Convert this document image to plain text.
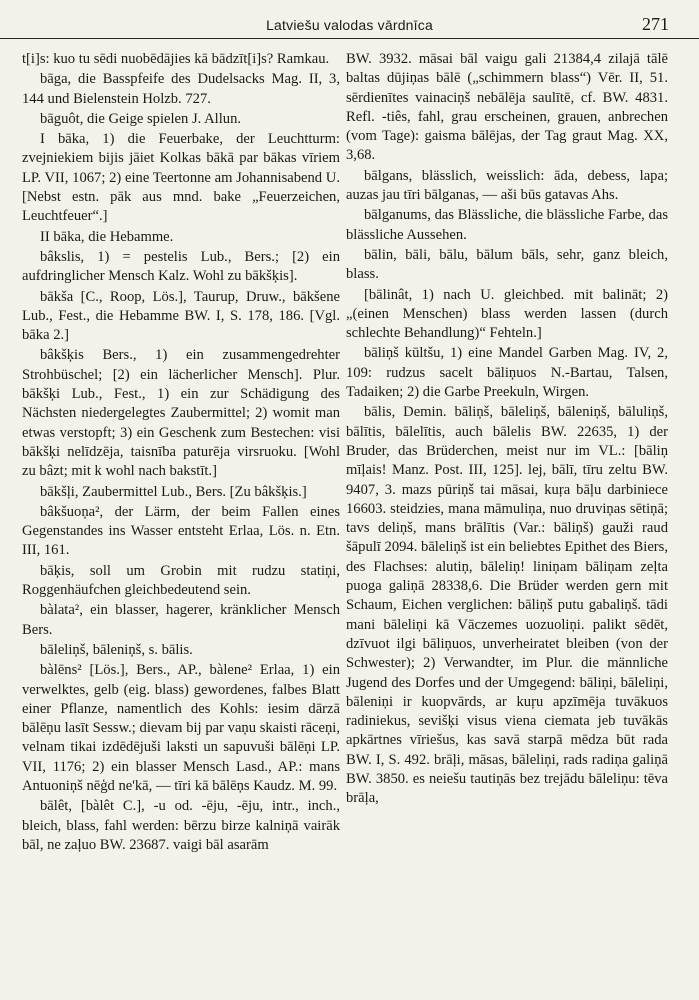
Latviešu valodas vārdnīca	271

t[i]s: kuo tu sēdi nuobēdājies kā bādzīt[i]s? Ramkau.

bāga, die Basspfeife des Dudelsacks Mag. II, 3, 144 und Bielenstein Holzb. 727.

bāguôt, die Geige spielen J. Allun.

I bāka, 1) die Feuerbake, der Leuchtturm: zvejniekiem bijis jāiet Kolkas bākā par bākas vīriem LP. VII, 1067; 2) eine Teertonne am Johannisabend U. [Nebst estn. pāk aus mnd. bake „Feuerzeichen, Leuchtfeuer“.]

II bāka, die Hebamme.

bâkslis, 1) = pestelis Lub., Bers.; [2) ein aufdringlicher Mensch Kalz. Wohl zu bākšķis].

bākša [C., Roop, Lös.], Taurup, Druw., bākšene Lub., Fest., die Hebamme BW. I, S. 178, 186. [Vgl. bāka 2.]

bâkšķis Bers., 1) ein zusammengedrehter Strohbüschel; [2) ein lächerlicher Mensch]. Plur. bākšķi Lub., Fest., 1) ein zur Schädigung des Nächsten niedergelegtes Zaubermittel; 2) womit man etwas verstopft; 3) ein Geschenk zum Bestechen: visi bākšķi nelīdzēja, taisnība paturēja virsruoku. [Wohl zu bâzt; mit k wohl nach bakstīt.]

bākšļi, Zaubermittel Lub., Bers. [Zu bâkšķis.]

bâkšuoņa², der Lärm, der beim Fallen eines Gegenstandes ins Wasser entsteht Erlaa, Lös. n. Etn. III, 161.

bāķis, soll um Grobin mit rudzu statiņi, Roggenhäufchen gleichbedeutend sein.

bàlata², ein blasser, hagerer, kränklicher Mensch Bers.

bāleliņš, bāleniņš, s. bālis.

bàlēns² [Lös.], Bers., AP., bàlene² Erlaa, 1) ein verwelktes, gelb (eig. blass) gewordenes, falbes Blatt einer Pflanze, namentlich des Kohls: iesim dārzā bālēņu lasīt Sessw.; dievam bij par vaņu skaisti rāceņi, velnam tikai izdēdējuši laksti un sapuvuši bālēņi LP. VII, 1176; 2) ein blasser Mensch Lasd., AP.: mans Antuoniņš nēģd ne'kā, — tīri kā bālēņs Kaudz. M. 99.

bālêt, [bàlêt C.], -u od. -ēju, -ēju, intr., inch., bleich, blass, fahl werden: bērzu birze kalniņā vairāk bāl, ne zaļuo BW. 23687. vaigi bāl asarām

BW. 3932. māsai bāl vaigu gali 21384,4 zilajā tālē baltas dūjiņas bālē („schimmern blass“) Vēr. II, 51. sērdienītes vainaciņš nebālēja saulītē, cf. BW. 4831. Refl. -tiês, fahl, grau erscheinen, grauen, anbrechen (vom Tage): gaisma bālējas, der Tag graut Mag. XX, 3,68.

bālgans, blässlich, weisslich: āda, debess, lapa; auzas jau tīri bālganas, — aši būs gatavas Ahs.

bālganums, das Blässliche, die blässliche Farbe, das blässliche Aussehen.

bālin, bāli, bālu, bālum bāls, sehr, ganz bleich, blass.

[bālinât, 1) nach U. gleichbed. mit balināt; 2) „(einen Menschen) blass werden lassen (durch schlechte Behandlung)“ Fehteln.]

bāliņš kūltšu, 1) eine Mandel Garben Mag. IV, 2, 109: rudzus sacelt bāliņuos N.-Bartau, Talsen, Tadaiken; 2) die Garbe Preekuln, Wirgen.

bālis, Demin. bāliņš, bāleliņš, bāleniņš, bāluliņš, bālītis, bālelītis, auch bālelis BW. 22635, 1) der Bruder, das Brüderchen, meist nur im VL.: [bāliņ mīļais! Manz. Post. III, 125]. lej, bālī, tīru zeltu BW. 9407, 3. mazs pūriņš tai māsai, kuŗa bāļu darbiniece 16603. steidzies, mana māmuliņa, nuo druviņas sētiņā; tavs deliņš, mans brālītis (Var.: bāliņš) gauži raud šāpulī 2094. bāleliņš ist ein beliebtes Epithet des Biers, des Flachses: alutiņ, bāleliņ! liniņam bāliņam zeļta puoga galiņā 28338,6. Die Brüder werden gern mit Schaum, Eichen verglichen: bāliņš putu gabaliņš. tādi mani bāleliņi kā Vāczemes uozuoliņi. palikt sēdēt, dzīvuot ilgi bāliņuos, unverheiratet bleiben (von der Schwester); 2) Verwandter, im Plur. die männliche Jugend des Dorfes und der Umgegend: bāliņi, bāleliņi, bāleniņi ir kuopvārds, ar kuŗu apzīmēja tuvākuos radiniekus, sevišķi visus viena ciemata jeb tuvākās apkārtnes vīriešus, kas savā starpā mēdza būt rada BW. I, S. 492. brāļi, māsas, bāleliņi, rads radiņa galiņā BW. 3850. es neiešu tautiņās bez trejādu bāleliņu: tēva brāļa,
